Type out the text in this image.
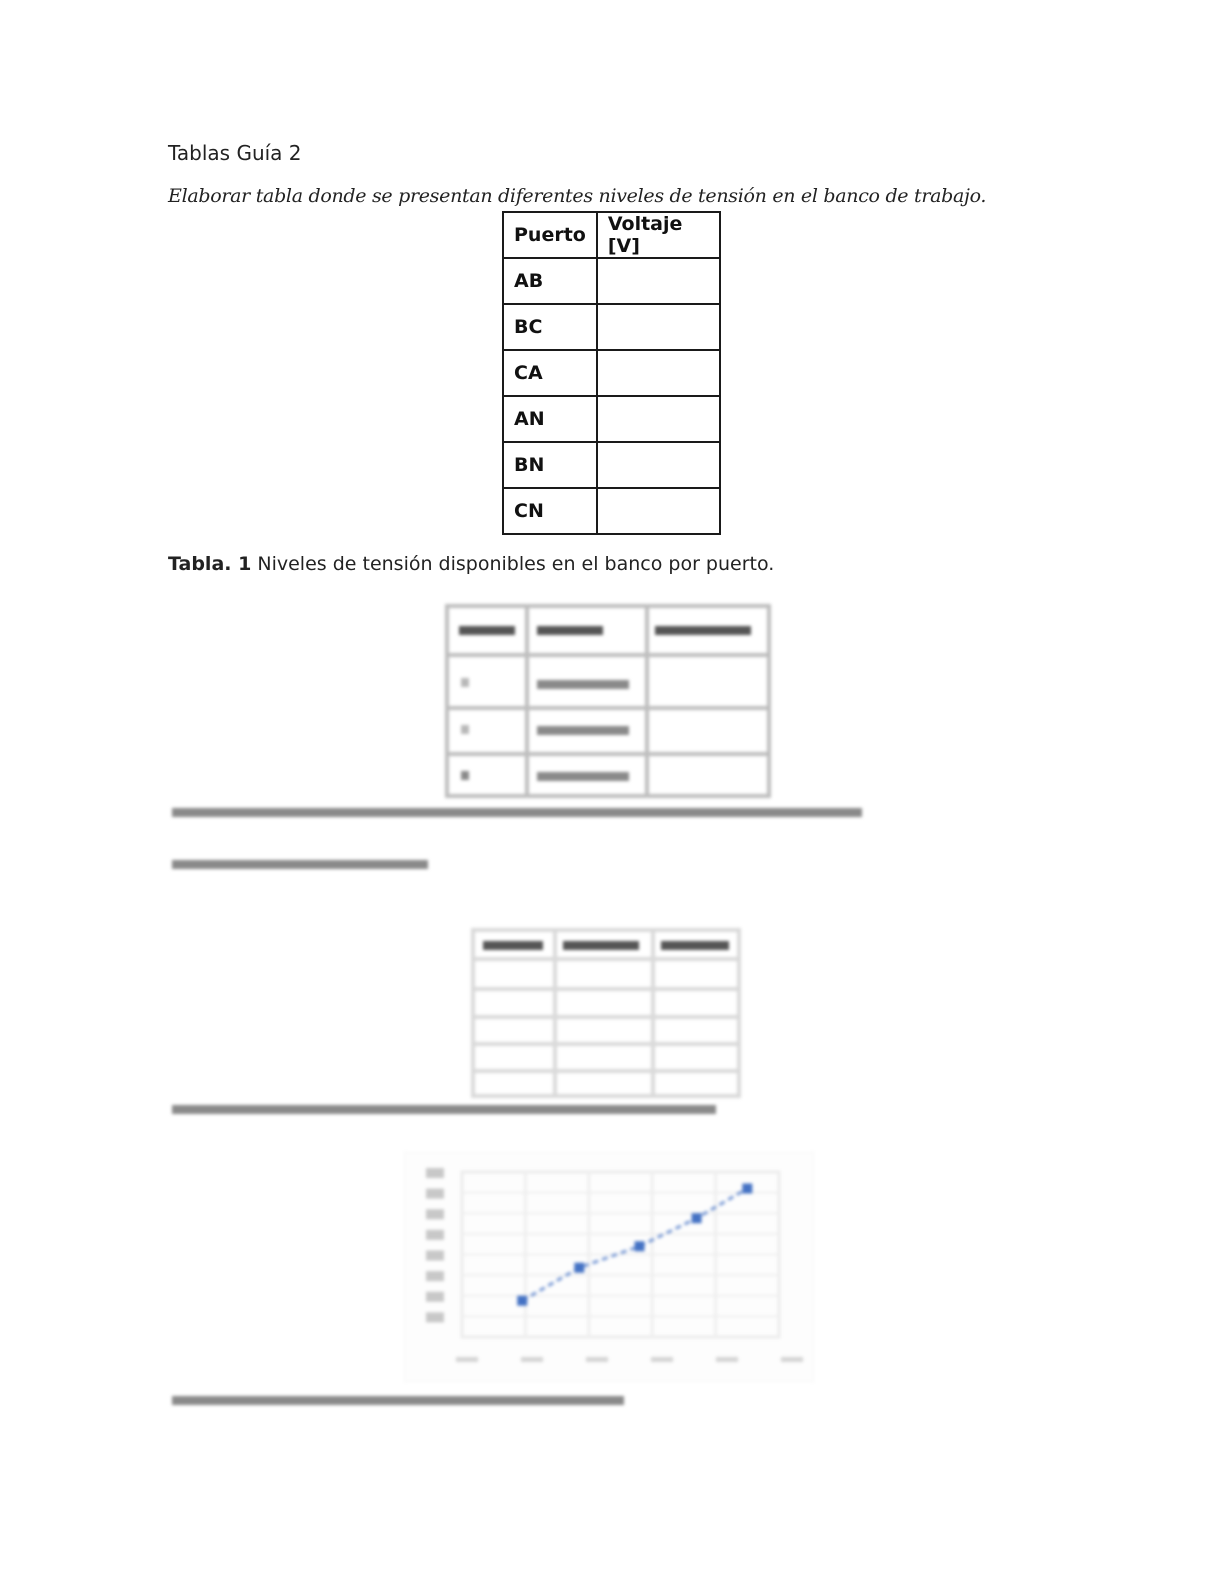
Tablas Guía 2
Elaborar tabla donde se presentan diferentes niveles de tensión en el banco de trabajo.
Puerto	Voltaje [V]
AB	
BC	
CA	
AN	
BN	
CN	
Tabla. 1 Niveles de tensión disponibles en el banco por puerto.
